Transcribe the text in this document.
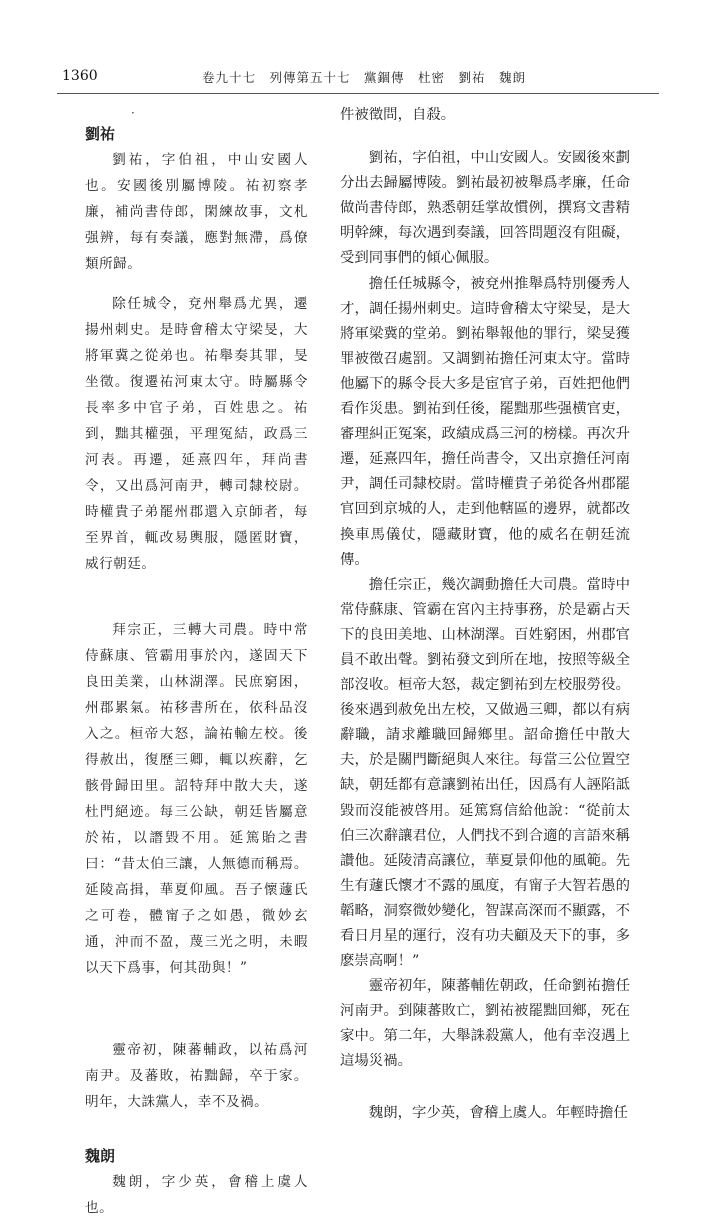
1360	卷九十七　列傳第五十七　黨錮傳　杜密　劉祐　魏朗
·

劉祐

劉祐，字伯祖，中山安國人也。安國後別屬博陵。祐初察孝廉，補尚書侍郎，閑練故事，文札强辨，每有奏議，應對無滯，爲僚類所歸。

除任城令，兗州舉爲尤異，遷揚州刺史。是時會稽太守梁旻，大將軍冀之從弟也。祐舉奏其罪，旻坐徵。復遷祐河東太守。時屬縣令長率多中官子弟，百姓患之。祐到，黜其權强，平理冤結，政爲三河表。再遷，延熹四年，拜尚書令，又出爲河南尹，轉司隸校尉。時權貴子弟罷州郡還入京師者，每至界首，輒改易輿服，隱匿財寶，威行朝廷。

拜宗正，三轉大司農。時中常侍蘇康、管霸用事於內，遂固天下良田美業，山林湖澤。民庶窮困，州郡累氣。祐移書所在，依科品沒入之。桓帝大怒，論祐輸左校。後得赦出，復歷三卿，輒以疾辭，乞骸骨歸田里。詔特拜中散大夫，遂杜門絕迹。每三公缺，朝廷皆屬意於祐，以譖毀不用。延篤貽之書曰：“昔太伯三讓，人無德而稱焉。延陵高揖，華夏仰風。吾子懷蘧氏之可卷，體甯子之如愚，微妙玄通，沖而不盈，蔑三光之明，未暇以天下爲事，何其劭與！”

靈帝初，陳蕃輔政，以祐爲河南尹。及蕃敗，祐黜歸，卒于家。明年，大誅黨人，幸不及禍。

魏朗

魏朗，字少英，會稽上虞人也。

件被徵問，自殺。

劉祐，字伯祖，中山安國人。安國後來劃分出去歸屬博陵。劉祐最初被舉爲孝廉，任命做尚書侍郎，熟悉朝廷掌故慣例，撰寫文書精明幹練，每次遇到奏議，回答問題沒有阻礙，受到同事們的傾心佩服。

擔任任城縣令，被兗州推舉爲特別優秀人才，調任揚州刺史。這時會稽太守梁旻，是大將軍梁冀的堂弟。劉祐舉報他的罪行，梁旻獲罪被徵召處罰。又調劉祐擔任河東太守。當時他屬下的縣令長大多是宦官子弟，百姓把他們看作災患。劉祐到任後，罷黜那些强横官吏，審理糾正冤案，政績成爲三河的榜樣。再次升遷，延熹四年，擔任尚書令，又出京擔任河南尹，調任司隸校尉。當時權貴子弟從各州郡罷官回到京城的人，走到他轄區的邊界，就都改換車馬儀仗，隱藏財寶，他的威名在朝廷流傳。

擔任宗正，幾次調動擔任大司農。當時中常侍蘇康、管霸在宮內主持事務，於是霸占天下的良田美地、山林湖澤。百姓窮困，州郡官員不敢出聲。劉祐發文到所在地，按照等級全部沒收。桓帝大怒，裁定劉祐到左校服勞役。後來遇到赦免出左校，又做過三卿，都以有病辭職，請求離職回歸鄉里。詔命擔任中散大夫，於是關門斷絕與人來往。每當三公位置空缺，朝廷都有意讓劉祐出任，因爲有人誣陷詆毀而沒能被啓用。延篤寫信給他說：“從前太伯三次辭讓君位，人們找不到合適的言語來稱讚他。延陵清高讓位，華夏景仰他的風範。先生有蘧氏懷才不露的風度，有甯子大智若愚的韜略，洞察微妙變化，智謀高深而不顯露，不看日月星的運行，沒有功夫顧及天下的事，多麽崇高啊！”

靈帝初年，陳蕃輔佐朝政，任命劉祐擔任河南尹。到陳蕃敗亡，劉祐被罷黜回鄉，死在家中。第二年，大舉誅殺黨人，他有幸沒遇上這場災禍。

魏朗，字少英，會稽上虞人。年輕時擔任
